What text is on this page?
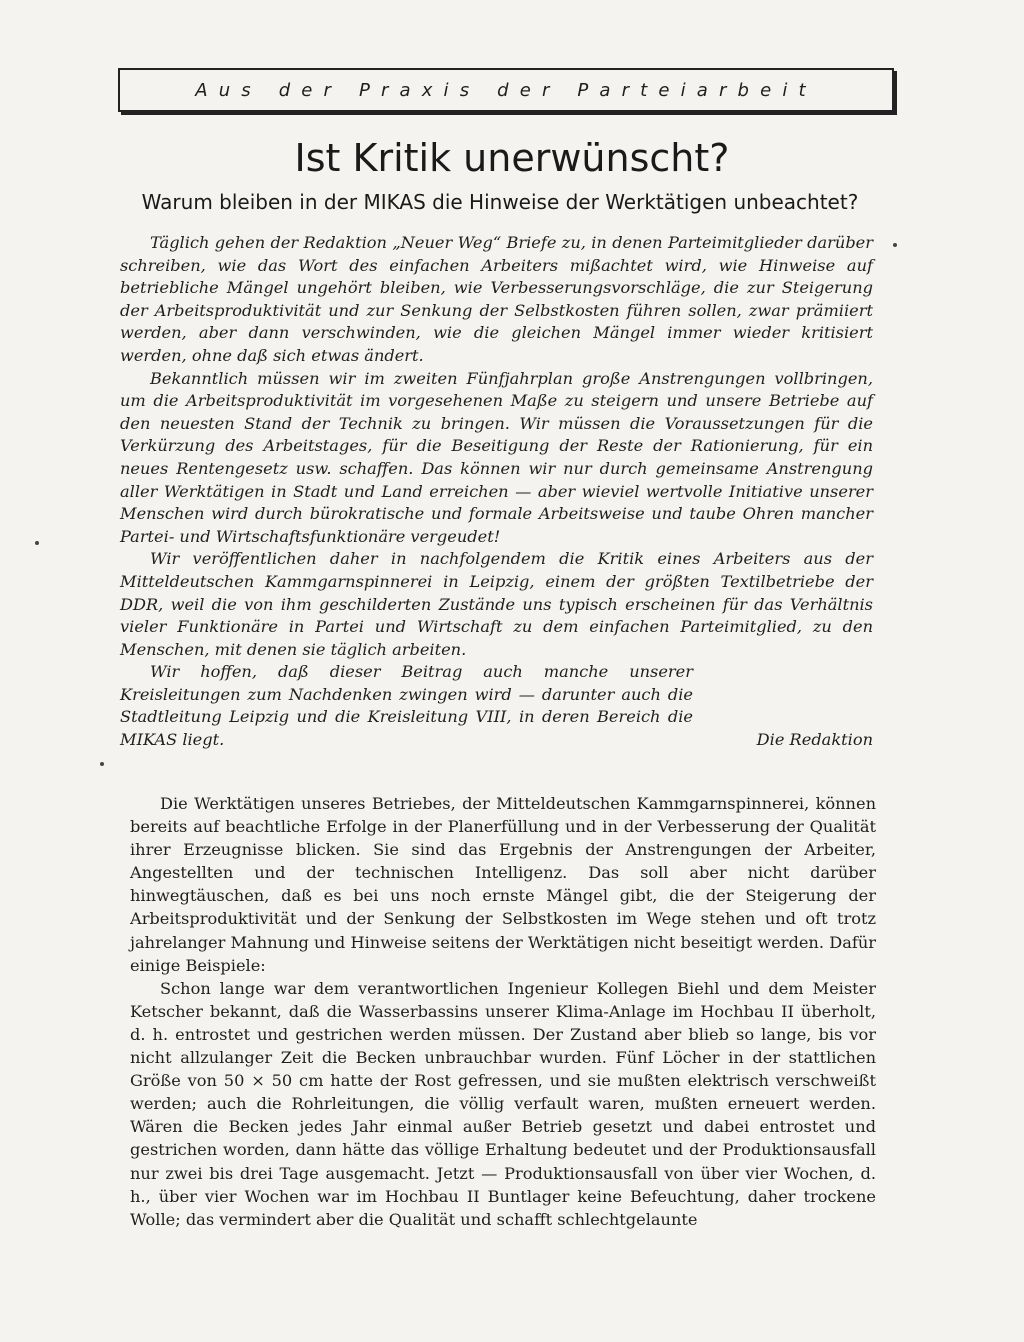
Aus der Praxis der Parteiarbeit
Ist Kritik unerwünscht?
Warum bleiben in der MIKAS die Hinweise der Werktätigen unbeachtet?

Täglich gehen der Redaktion „Neuer Weg“ Briefe zu, in denen Parteimitglieder darüber schreiben, wie das Wort des einfachen Arbeiters mißachtet wird, wie Hinweise auf betriebliche Mängel ungehört bleiben, wie Verbesserungsvorschläge, die zur Steigerung der Arbeitsproduktivität und zur Senkung der Selbstkosten führen sollen, zwar prämiiert werden, aber dann verschwinden, wie die gleichen Mängel immer wieder kritisiert werden, ohne daß sich etwas ändert.

Bekanntlich müssen wir im zweiten Fünfjahrplan große Anstrengungen vollbringen, um die Arbeitsproduktivität im vorgesehenen Maße zu steigern und unsere Betriebe auf den neuesten Stand der Technik zu bringen. Wir müssen die Voraussetzungen für die Verkürzung des Arbeitstages, für die Beseitigung der Reste der Rationierung, für ein neues Rentengesetz usw. schaffen. Das können wir nur durch gemeinsame Anstrengung aller Werktätigen in Stadt und Land erreichen — aber wieviel wertvolle Initiative unserer Menschen wird durch bürokratische und formale Arbeitsweise und taube Ohren mancher Partei- und Wirtschaftsfunktionäre vergeudet!

Wir veröffentlichen daher in nachfolgendem die Kritik eines Arbeiters aus der Mitteldeutschen Kammgarnspinnerei in Leipzig, einem der größten Textilbetriebe der DDR, weil die von ihm geschilderten Zustände uns typisch erscheinen für das Verhältnis vieler Funktionäre in Partei und Wirtschaft zu dem einfachen Parteimitglied, zu den Menschen, mit denen sie täglich arbeiten.

Wir hoffen, daß dieser Beitrag auch manche unserer Kreisleitungen zum Nachdenken zwingen wird — darunter auch die Stadtleitung Leipzig und die Kreisleitung VIII, in deren Bereich die MIKAS liegt.	Die Redaktion

Die Werktätigen unseres Betriebes, der Mitteldeutschen Kammgarnspinnerei, können bereits auf beachtliche Erfolge in der Planerfüllung und in der Verbesserung der Qualität ihrer Erzeugnisse blicken. Sie sind das Ergebnis der Anstrengungen der Arbeiter, Angestellten und der technischen Intelligenz. Das soll aber nicht darüber hinwegtäuschen, daß es bei uns noch ernste Mängel gibt, die der Steigerung der Arbeitsproduktivität und der Senkung der Selbstkosten im Wege stehen und oft trotz jahrelanger Mahnung und Hinweise seitens der Werktätigen nicht beseitigt werden. Dafür einige Beispiele:

Schon lange war dem verantwortlichen Ingenieur Kollegen Biehl und dem Meister Ketscher bekannt, daß die Wasserbassins unserer Klima-Anlage im Hochbau II überholt, d. h. entrostet und gestrichen werden müssen. Der Zustand aber blieb so lange, bis vor nicht allzulanger Zeit die Becken unbrauchbar wurden. Fünf Löcher in der stattlichen Größe von 50 × 50 cm hatte der Rost gefressen, und sie mußten elektrisch verschweißt werden; auch die Rohrleitungen, die völlig verfault waren, mußten erneuert werden. Wären die Becken jedes Jahr einmal außer Betrieb gesetzt und dabei entrostet und gestrichen worden, dann hätte das völlige Erhaltung bedeutet und der Produktionsausfall nur zwei bis drei Tage ausgemacht. Jetzt — Produktionsausfall von über vier Wochen, d. h., über vier Wochen war im Hochbau II Buntlager keine Befeuchtung, daher trockene Wolle; das vermindert aber die Qualität und schafft schlechtgelaunte
